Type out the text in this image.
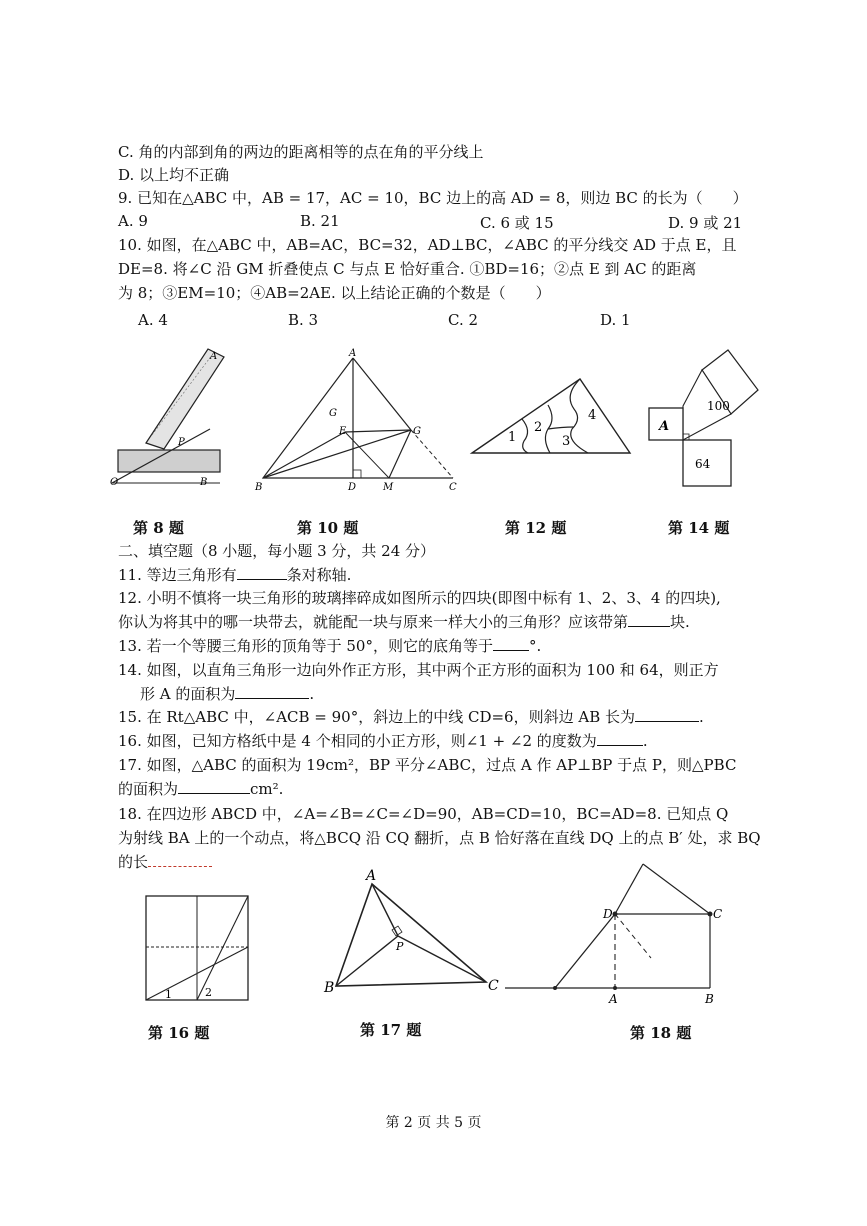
C. 角的内部到角的两边的距离相等的点在角的平分线上
D. 以上均不正确
9. 已知在△ABC 中，AB = 17，AC = 10，BC 边上的高 AD = 8，则边 BC 的长为（　　）
A. 9	B. 21	C. 6 或 15	D. 9 或 21
10. 如图，在△ABC 中，AB=AC，BC=32，AD⊥BC，∠ABC 的平分线交 AD 于点 E，且
DE=8. 将∠C 沿 GM 折叠使点 C 与点 E 恰好重合. ①BD=16；②点 E 到 AC 的距离
为 8；③EM=10；④AB=2AE. 以上结论正确的个数是（　　）
A. 4	B. 3	C. 2	D. 1
A
P
O	B
A
G
E	G
B	D	M	C
1
2
3
4
100
A
64
第 8 题	第 10 题	第 12 题	第 14 题
二、填空题（8 小题，每小题 3 分，共 24 分）
11. 等边三角形有	条对称轴.
12. 小明不慎将一块三角形的玻璃摔碎成如图所示的四块(即图中标有 1、2、3、4 的四块),
你认为将其中的哪一块带去，就能配一块与原来一样大小的三角形？应该带第	块.
13. 若一个等腰三角形的顶角等于 50°，则它的底角等于 °.
14. 如图，以直角三角形一边向外作正方形，其中两个正方形的面积为 100 和 64，则正方
形 A 的面积为	.
15. 在 Rt△ABC 中，∠ACB = 90°，斜边上的中线 CD=6，则斜边 AB 长为	.
16. 如图，已知方格纸中是 4 个相同的小正方形，则∠1 + ∠2 的度数为	.
17. 如图，△ABC 的面积为 19cm²，BP 平分∠ABC，过点 A 作 AP⊥BP 于点 P，则△PBC
的面积为	cm².
18. 在四边形 ABCD 中，∠A=∠B=∠C=∠D=90，AB=CD=10，BC=AD=8. 已知点 Q
为射线 BA 上的一个动点，将△BCQ 沿 CQ 翻折，点 B 恰好落在直线 DQ 上的点 B′ 处，求 BQ
的长
1	2
A
P
B	C
D	C
A	B
第 16 题	第 17 题	第 18 题
第 2 页 共 5 页
